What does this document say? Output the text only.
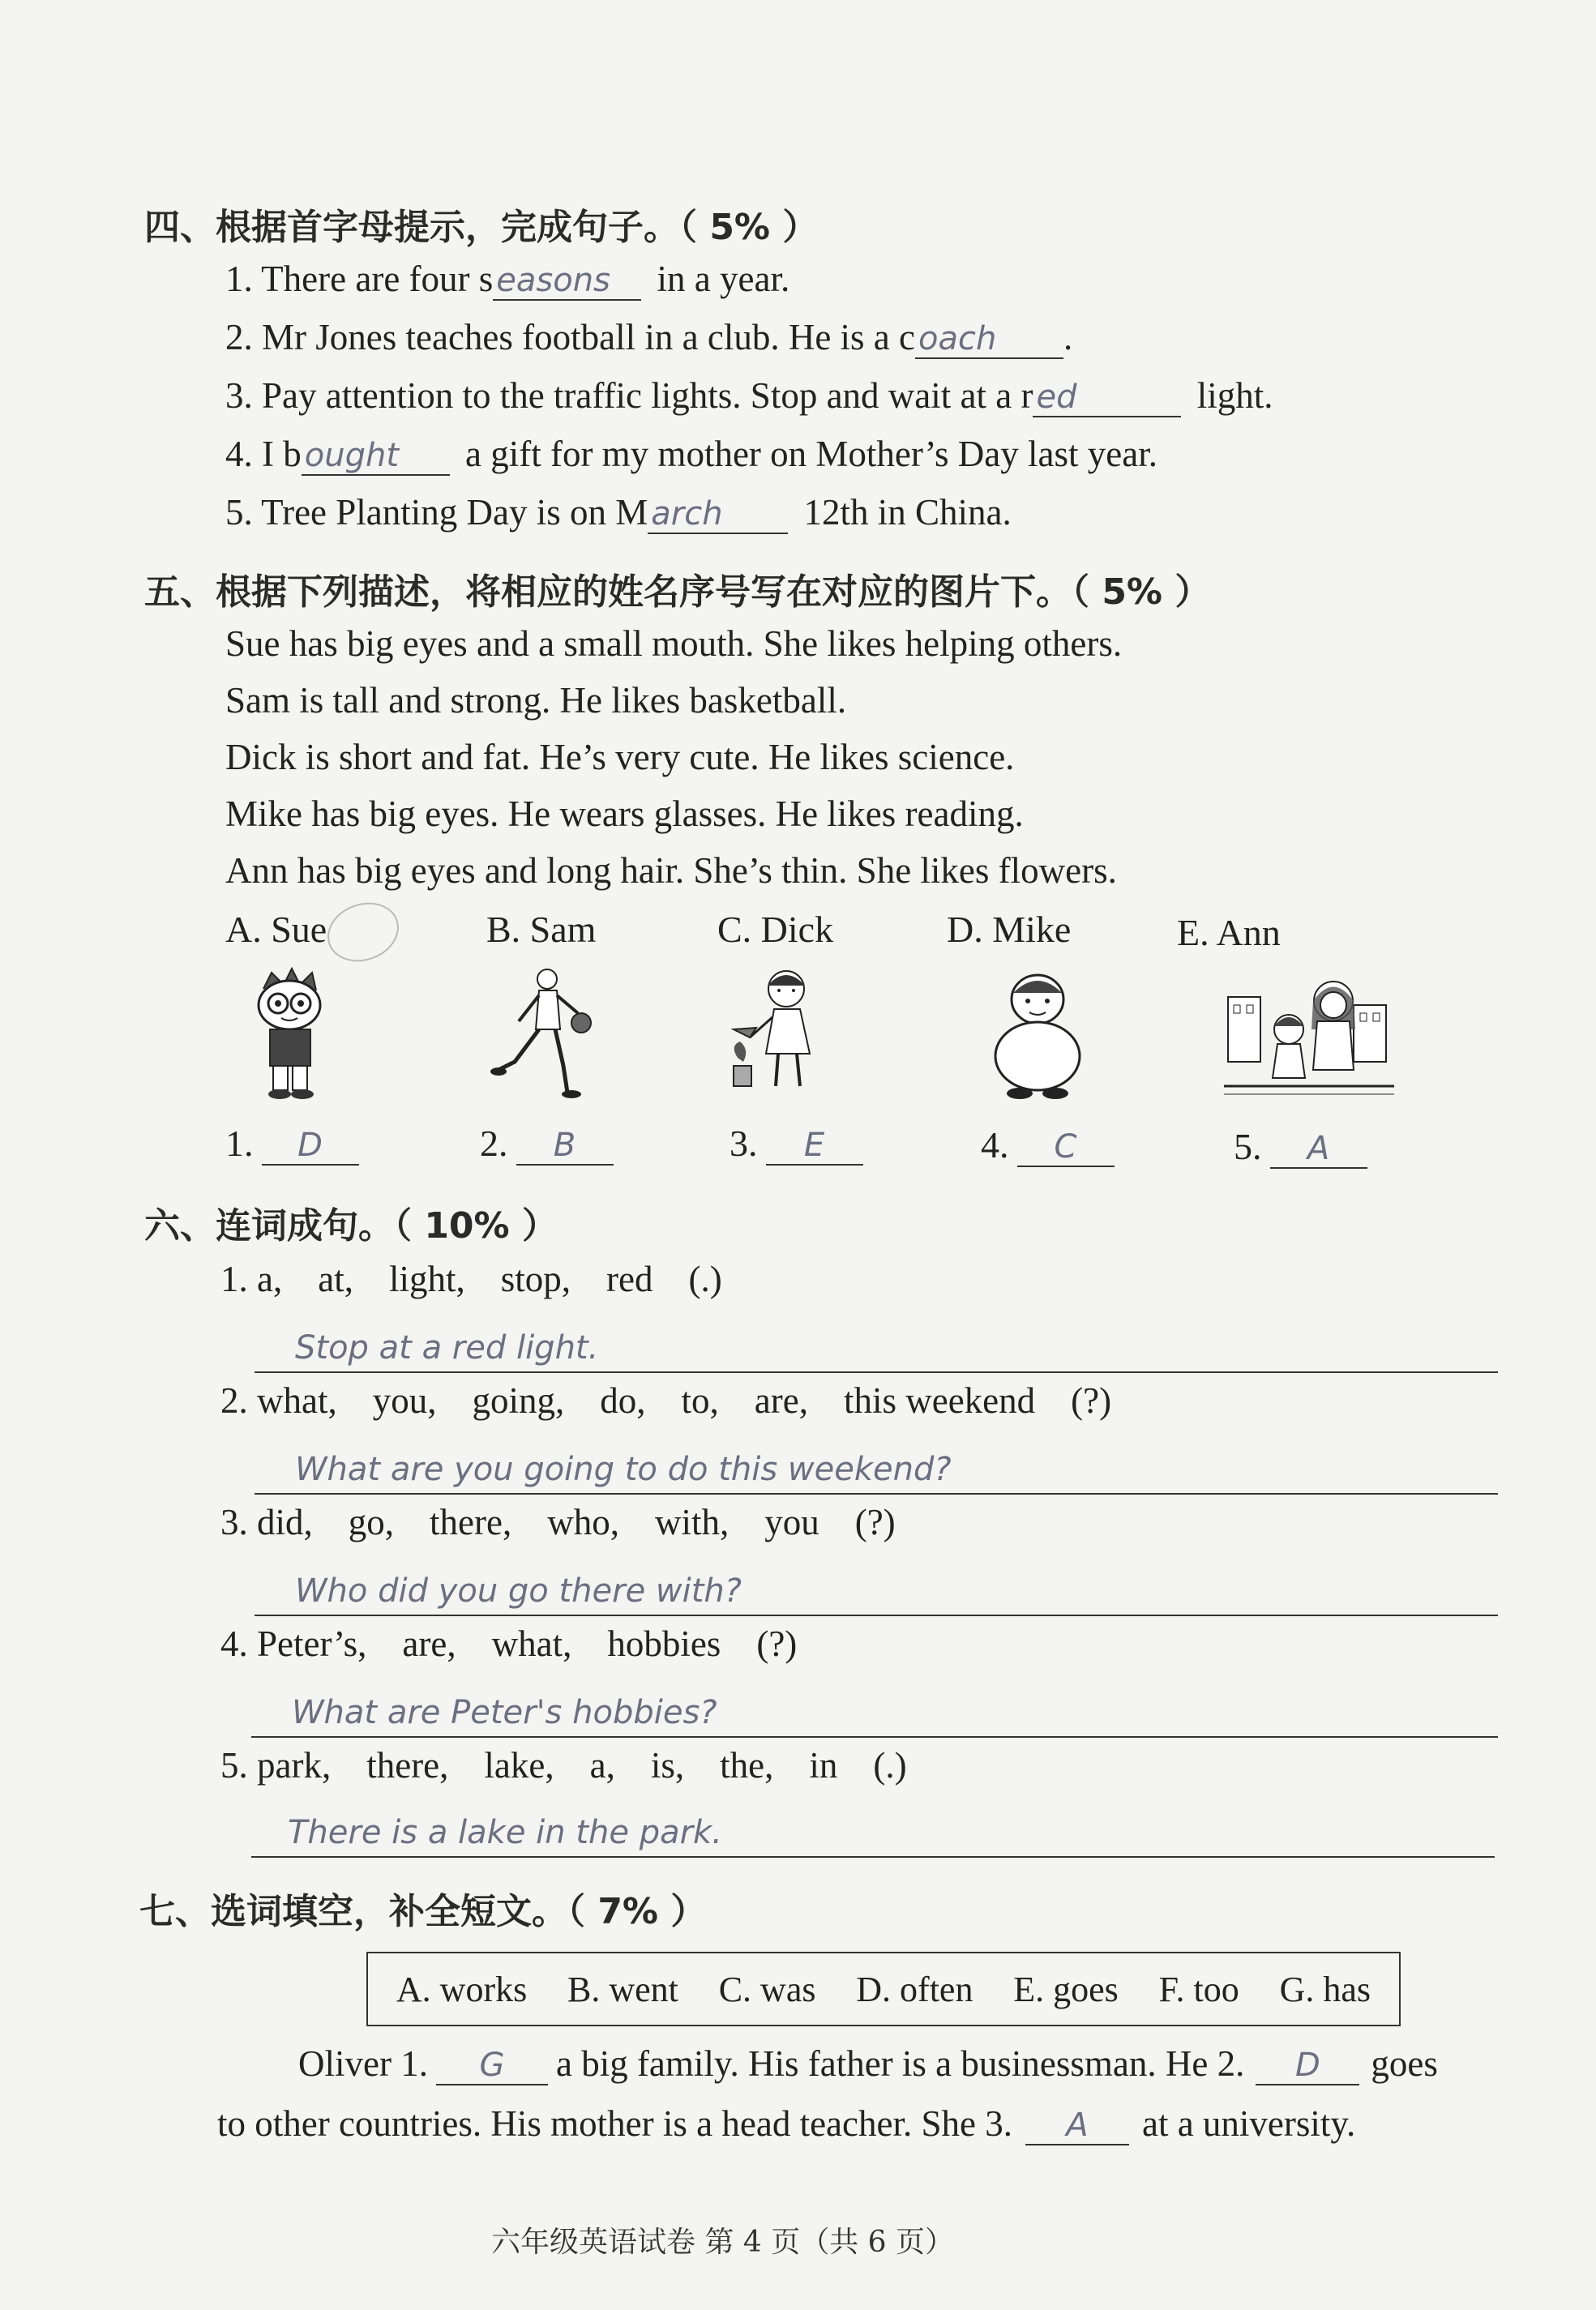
四、根据首字母提示，完成句子。（ 5% ）
1. There are four s easons in a year.
2. Mr Jones teaches football in a club. He is a c oach .
3. Pay attention to the traffic lights. Stop and wait at a r ed	light.
4. I b ought a gift for my mother on Mother’s Day last year.
5. Tree Planting Day is on M arch 12th in China.
五、根据下列描述，将相应的姓名序号写在对应的图片下。（ 5% ）
Sue has big eyes and a small mouth. She likes helping others.
Sam is tall and strong. He likes basketball.
Dick is short and fat. He’s very cute. He likes science.
Mike has big eyes. He wears glasses. He likes reading.
Ann has big eyes and long hair. She’s thin. She likes flowers.
A. Sue	B. Sam	C. Dick	D. Mike	E. Ann
1. D	2. B	3. E	4. C	5. A
六、连词成句。（ 10% ）
1. a, at, light, stop, red (.)
Stop at a red light.
2. what, you, going, do, to, are, this weekend (?)
What are you going to do this weekend?
3. did, go, there, who, with, you (?)
Who did you go there with?
4. Peter’s, are, what, hobbies (?)
What are Peter's hobbies?
5. park, there, lake, a, is, the, in (.)
There is a lake in the park.
七、选词填空，补全短文。（ 7% ）
A. works B. went C. was D. often E. goes F. too G. has
Oliver 1. G a big family. His father is a businessman. He 2. D goes
to other countries. His mother is a head teacher. She 3. A at a university.
六年级英语试卷 第 4 页（共 6 页）
